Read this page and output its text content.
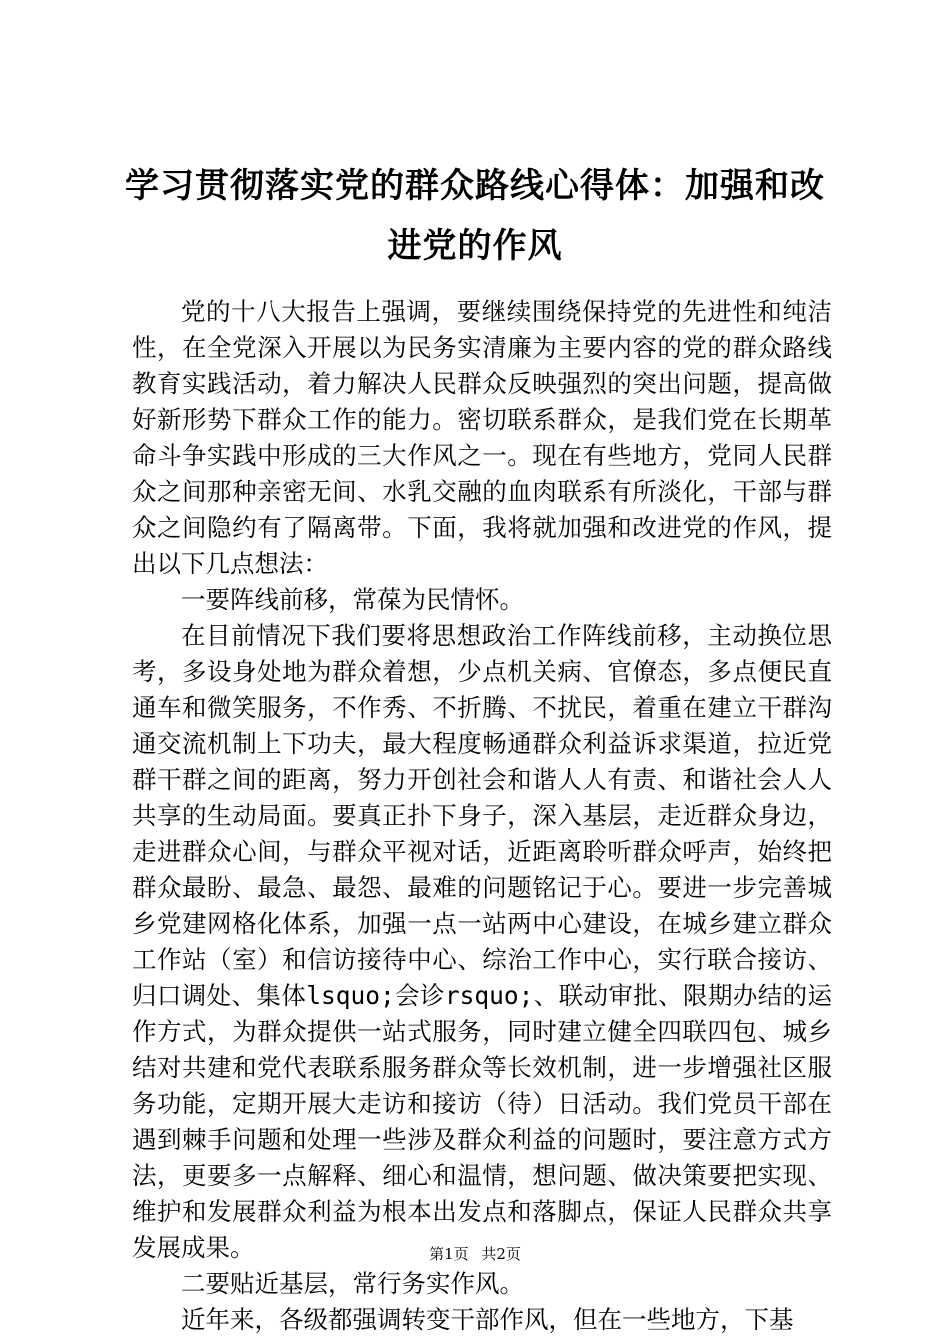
学习贯彻落实党的群众路线心得体：加强和改进党的作风

党的十八大报告上强调，要继续围绕保持党的先进性和纯洁性，在全党深入开展以为民务实清廉为主要内容的党的群众路线教育实践活动，着力解决人民群众反映强烈的突出问题，提高做好新形势下群众工作的能力。密切联系群众，是我们党在长期革命斗争实践中形成的三大作风之一。现在有些地方，党同人民群众之间那种亲密无间、水乳交融的血肉联系有所淡化，干部与群众之间隐约有了隔离带。下面，我将就加强和改进党的作风，提出以下几点想法：

一要阵线前移，常葆为民情怀。

在目前情况下我们要将思想政治工作阵线前移，主动换位思考，多设身处地为群众着想，少点机关病、官僚态，多点便民直通车和微笑服务，不作秀、不折腾、不扰民，着重在建立干群沟通交流机制上下功夫，最大程度畅通群众利益诉求渠道，拉近党群干群之间的距离，努力开创社会和谐人人有责、和谐社会人人共享的生动局面。要真正扑下身子，深入基层，走近群众身边，走进群众心间，与群众平视对话，近距离聆听群众呼声，始终把群众最盼、最急、最怨、最难的问题铭记于心。要进一步完善城乡党建网格化体系，加强一点一站两中心建设，在城乡建立群众工作站（室）和信访接待中心、综治工作中心，实行联合接访、归口调处、集体lsquo;会诊rsquo;、联动审批、限期办结的运作方式，为群众提供一站式服务，同时建立健全四联四包、城乡结对共建和党代表联系服务群众等长效机制，进一步增强社区服务功能，定期开展大走访和接访（待）日活动。我们党员干部在遇到棘手问题和处理一些涉及群众利益的问题时，要注意方式方法，更要多一点解释、细心和温情，想问题、做决策要把实现、维护和发展群众利益为根本出发点和落脚点，保证人民群众共享发展成果。

二要贴近基层，常行务实作风。

近年来，各级都强调转变干部作风，但在一些地方，下基

第1页 共2页
